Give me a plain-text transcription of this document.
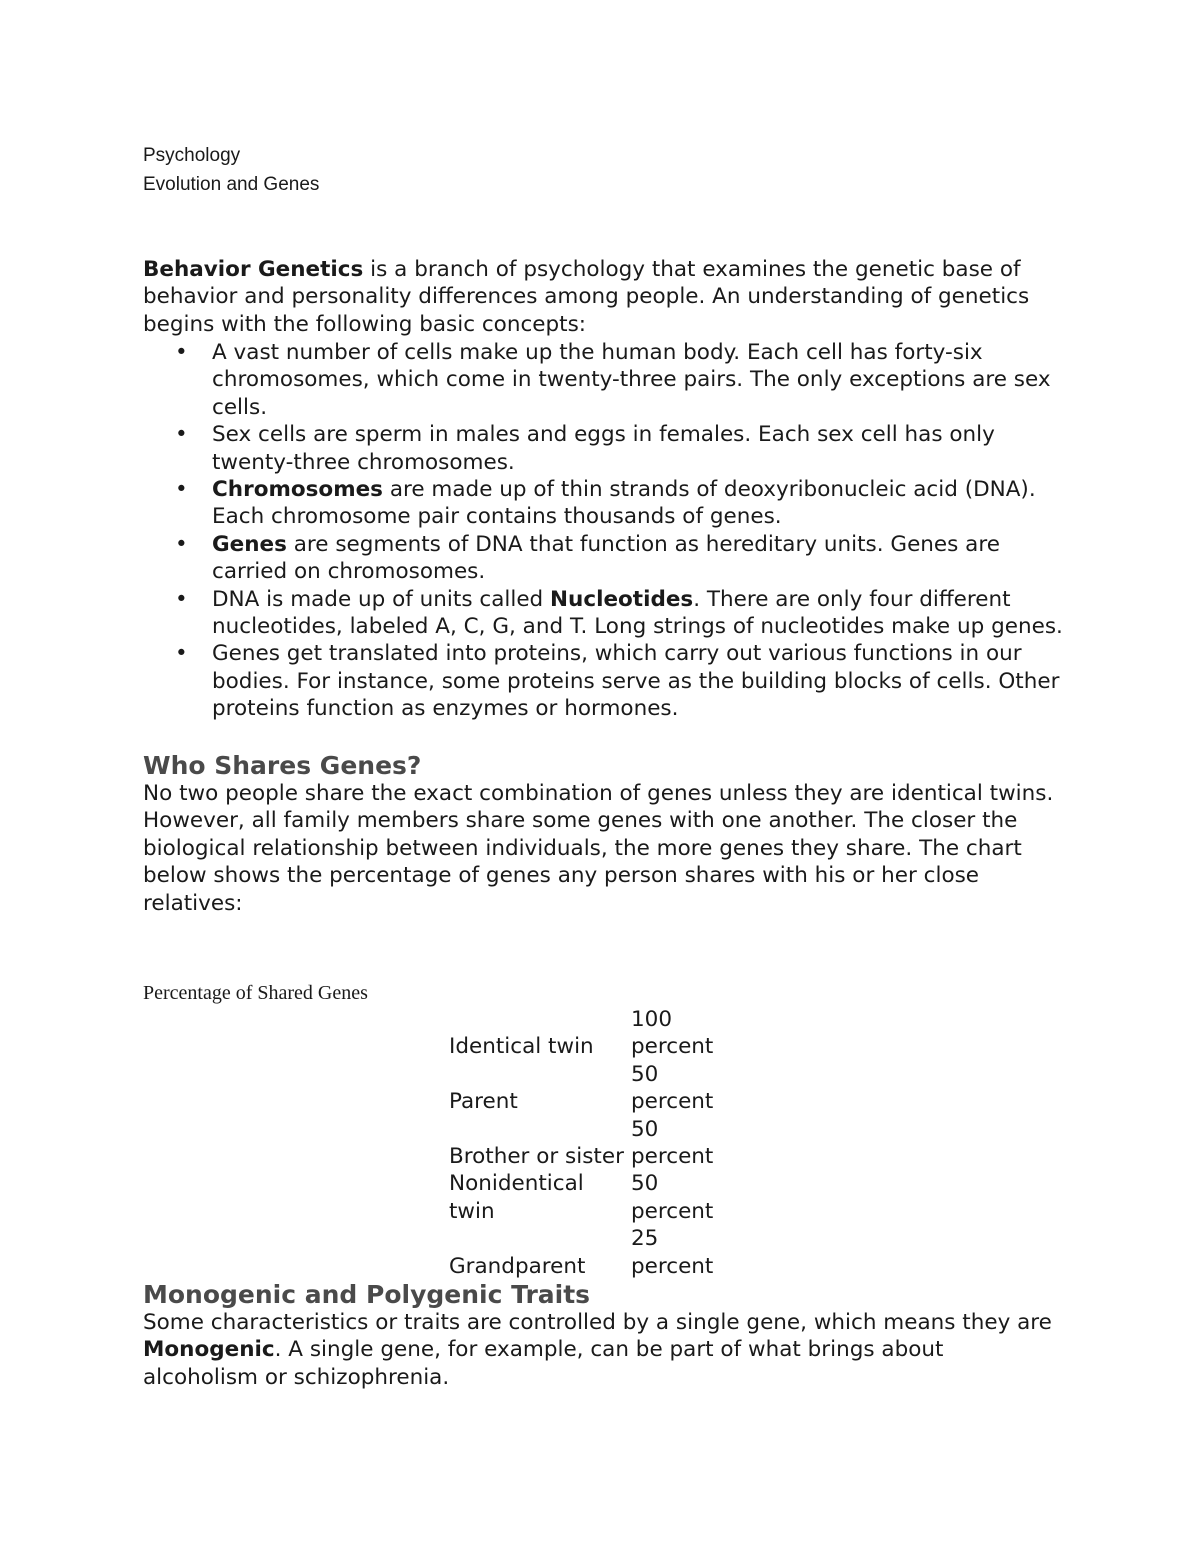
Psychology
Evolution and Genes

Behavior Genetics is a branch of psychology that examines the genetic base of behavior and personality differences among people. An understanding of genetics begins with the following basic concepts:

• A vast number of cells make up the human body. Each cell has forty-six chromosomes, which come in twenty-three pairs. The only exceptions are sex cells.
• Sex cells are sperm in males and eggs in females. Each sex cell has only twenty-three chromosomes.
• Chromosomes are made up of thin strands of deoxyribonucleic acid (DNA). Each chromosome pair contains thousands of genes.
• Genes are segments of DNA that function as hereditary units. Genes are carried on chromosomes.
• DNA is made up of units called Nucleotides. There are only four different nucleotides, labeled A, C, G, and T. Long strings of nucleotides make up genes.
• Genes get translated into proteins, which carry out various functions in our bodies. For instance, some proteins serve as the building blocks of cells. Other proteins function as enzymes or hormones.
Who Shares Genes?

No two people share the exact combination of genes unless they are identical twins. However, all family members share some genes with one another. The closer the biological relationship between individuals, the more genes they share. The chart below shows the percentage of genes any person shares with his or her close relatives:

Percentage of Shared Genes
Identical twin
100 percent
Parent
50 percent
Brother or sister
50 percent
Nonidentical twin
50 percent
Grandparent
25 percent
Monogenic and Polygenic Traits

Some characteristics or traits are controlled by a single gene, which means they are Monogenic. A single gene, for example, can be part of what brings about alcoholism or schizophrenia.
